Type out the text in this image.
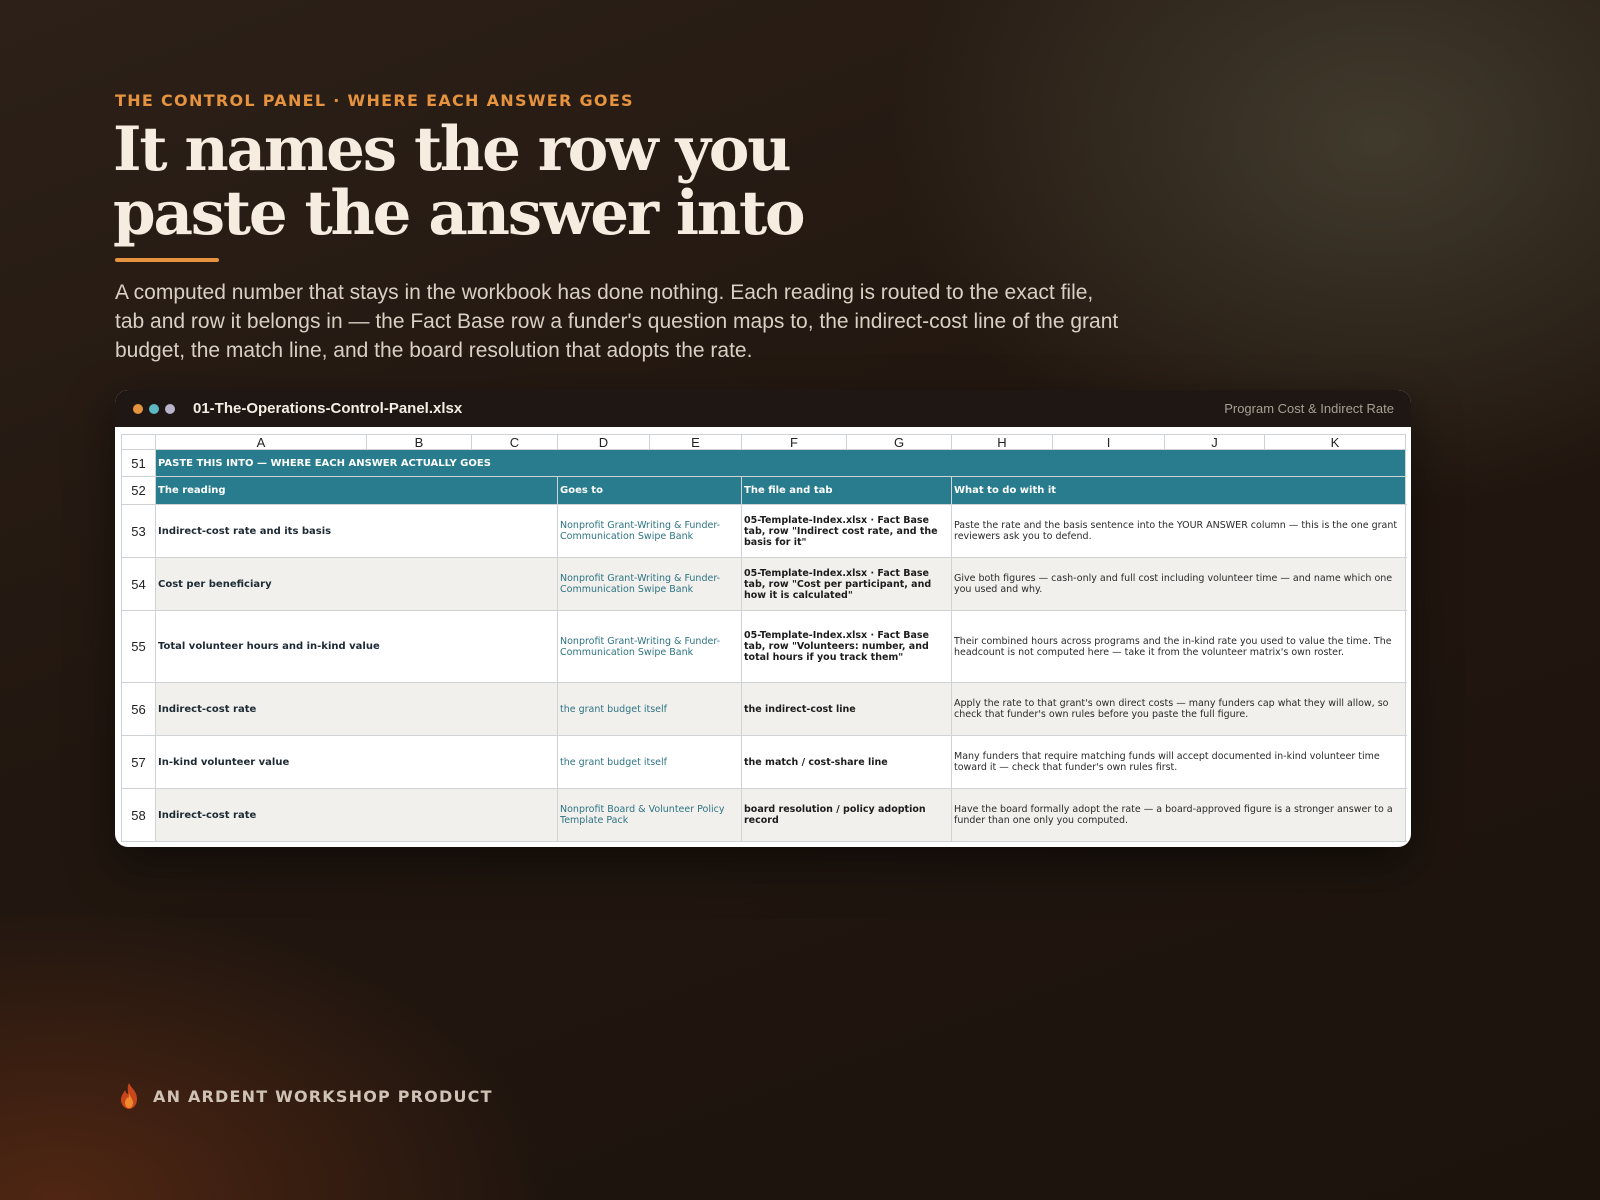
THE CONTROL PANEL · WHERE EACH ANSWER GOES
It names the row you
paste the answer into

A computed number that stays in the workbook has done nothing. Each reading is routed to the exact file, tab and row it belongs in — the Fact Base row a funder's question maps to, the indirect-cost line of the grant budget, the match line, and the board resolution that adopts the rate.

01-The-Operations-Control-Panel.xlsx	Program Cost & Indirect Rate
	A	B	C	D	E	F	G	H	I	J	K
51	PASTE THIS INTO — WHERE EACH ANSWER ACTUALLY GOES										
52	The reading			Goes to		The file and tab		What to do with it			
53	Indirect-cost rate and its basis			Nonprofit Grant-Writing & Funder-Communication Swipe Bank		05-Template-Index.xlsx · Fact Base tab, row "Indirect cost rate, and the basis for it"		Paste the rate and the basis sentence into the YOUR ANSWER column — this is the one grant reviewers ask you to defend.			
54	Cost per beneficiary			Nonprofit Grant-Writing & Funder-Communication Swipe Bank		05-Template-Index.xlsx · Fact Base tab, row "Cost per participant, and how it is calculated"		Give both figures — cash-only and full cost including volunteer time — and name which one you used and why.			
55	Total volunteer hours and in-kind value			Nonprofit Grant-Writing & Funder-Communication Swipe Bank		05-Template-Index.xlsx · Fact Base tab, row "Volunteers: number, and total hours if you track them"		Their combined hours across programs and the in-kind rate you used to value the time. The headcount is not computed here — take it from the volunteer matrix's own roster.			
56	Indirect-cost rate			the grant budget itself		the indirect-cost line		Apply the rate to that grant's own direct costs — many funders cap what they will allow, so check that funder's own rules before you paste the full figure.			
57	In-kind volunteer value			the grant budget itself		the match / cost-share line		Many funders that require matching funds will accept documented in-kind volunteer time toward it — check that funder's own rules first.			
58	Indirect-cost rate			Nonprofit Board & Volunteer Policy Template Pack		board resolution / policy adoption record		Have the board formally adopt the rate — a board-approved figure is a stronger answer to a funder than one only you computed.			
AN ARDENT WORKSHOP PRODUCT
